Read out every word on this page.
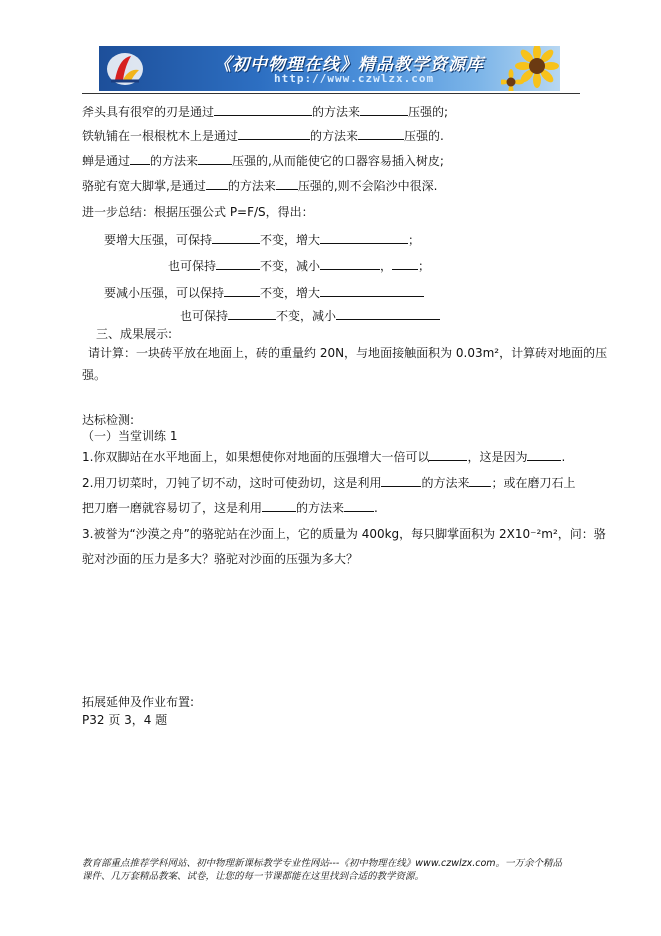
《初中物理在线》精品教学资源库
http://www.czwlzx.com
斧头具有很窄的刃是通过	的方法来	压强的;
铁轨铺在一根根枕木上是通过	的方法来	压强的.
蝉是通过 的方法来	压强的,从而能使它的口器容易插入树皮;
骆驼有宽大脚掌,是通过 的方法来 压强的,则不会陷沙中很深.
进一步总结：根据压强公式 P=F/S，得出：
要增大压强，可保持	不变，增大	；
也可保持	不变，减小	， ；
要减小压强，可以保持	不变，增大
也可保持	不变，减小
三、成果展示:
请计算：一块砖平放在地面上，砖的重量约 20N，与地面接触面积为 0.03m²，计算砖对地面的压
强。
达标检测:
（一）当堂训练 1
1.你双脚站在水平地面上，如果想使你对地面的压强增大一倍可以	，这是因为	.
2.用刀切菜时，刀钝了切不动，这时可使劲切，这是利用	的方法来 ；或在磨刀石上
把刀磨一磨就容易切了，这是利用	的方法来	.
3.被誉为“沙漠之舟”的骆驼站在沙面上，它的质量为 400kg，每只脚掌面积为 2X10⁻²m²，问：骆
驼对沙面的压力是多大？骆驼对沙面的压强为多大？
拓展延伸及作业布置:
P32 页 3，4 题
教育部重点推荐学科网站、初中物理新课标教学专业性网站---《初中物理在线》www.czwlzx.com。一万余个精品
课件、几万套精品教案、试卷，让您的每一节课都能在这里找到合适的教学资源。
